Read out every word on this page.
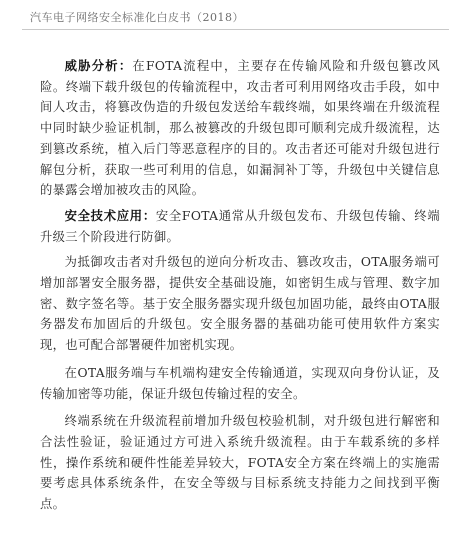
汽车电子网络安全标准化白皮书（2018）

威胁分析：在FOTA流程中，主要存在传输风险和升级包篡改风险。终端下载升级包的传输流程中，攻击者可利用网络攻击手段，如中间人攻击，将篡改伪造的升级包发送给车载终端，如果终端在升级流程中同时缺少验证机制，那么被篡改的升级包即可顺利完成升级流程，达到篡改系统，植入后门等恶意程序的目的。攻击者还可能对升级包进行解包分析，获取一些可利用的信息，如漏洞补丁等，升级包中关键信息的暴露会增加被攻击的风险。

安全技术应用：安全FOTA通常从升级包发布、升级包传输、终端升级三个阶段进行防御。

为抵御攻击者对升级包的逆向分析攻击、篡改攻击，OTA服务端可增加部署安全服务器，提供安全基础设施，如密钥生成与管理、数字加密、数字签名等。基于安全服务器实现升级包加固功能，最终由OTA服务器发布加固后的升级包。安全服务器的基础功能可使用软件方案实现，也可配合部署硬件加密机实现。

在OTA服务端与车机端构建安全传输通道，实现双向身份认证，及传输加密等功能，保证升级包传输过程的安全。

终端系统在升级流程前增加升级包校验机制，对升级包进行解密和合法性验证，验证通过方可进入系统升级流程。由于车载系统的多样性，操作系统和硬件性能差异较大，FOTA安全方案在终端上的实施需要考虑具体系统条件，在安全等级与目标系统支持能力之间找到平衡点。
